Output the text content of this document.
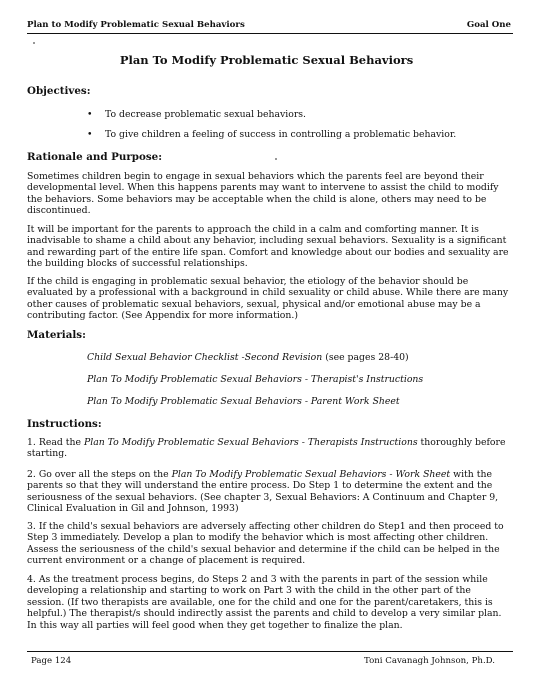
Plan to Modify Problematic Sexual Behaviors	Goal One
Plan To Modify Problematic Sexual Behaviors
Objectives:
• To decrease problematic sexual behaviors.
• To give children a feeling of success in controlling a problematic behavior.
Rationale and Purpose:

Sometimes children begin to engage in sexual behaviors which the parents feel are beyond their developmental level. When this happens parents may want to intervene to assist the child to modify the behaviors. Some behaviors may be acceptable when the child is alone, others may need to be discontinued.

It will be important for the parents to approach the child in a calm and comforting manner. It is inadvisable to shame a child about any behavior, including sexual behaviors. Sexuality is a significant and rewarding part of the entire life span. Comfort and knowledge about our bodies and sexuality are the building blocks of successful relationships.

If the child is engaging in problematic sexual behavior, the etiology of the behavior should be evaluated by a professional with a background in child sexuality or child abuse. While there are many other causes of problematic sexual behaviors, sexual, physical and/or emotional abuse may be a contributing factor. (See Appendix for more information.)

Materials:
Child Sexual Behavior Checklist -Second Revision (see pages 28-40)
Plan To Modify Problematic Sexual Behaviors - Therapist's Instructions
Plan To Modify Problematic Sexual Behaviors - Parent Work Sheet
Instructions:

1. Read the Plan To Modify Problematic Sexual Behaviors - Therapists Instructions thoroughly before starting.

2. Go over all the steps on the Plan To Modify Problematic Sexual Behaviors - Work Sheet with the parents so that they will understand the entire process. Do Step 1 to determine the extent and the seriousness of the sexual behaviors. (See chapter 3, Sexual Behaviors: A Continuum and Chapter 9, Clinical Evaluation in Gil and Johnson, 1993)

3. If the child's sexual behaviors are adversely affecting other children do Step1 and then proceed to Step 3 immediately. Develop a plan to modify the behavior which is most affecting other children. Assess the seriousness of the child's sexual behavior and determine if the child can be helped in the current environment or a change of placement is required.

4. As the treatment process begins, do Steps 2 and 3 with the parents in part of the session while developing a relationship and starting to work on Part 3 with the child in the other part of the session. (If two therapists are available, one for the child and one for the parent/caretakers, this is helpful.) The therapist/s should indirectly assist the parents and child to develop a very similar plan. In this way all parties will feel good when they get together to finalize the plan.

Page 124	Toni Cavanagh Johnson, Ph.D.
